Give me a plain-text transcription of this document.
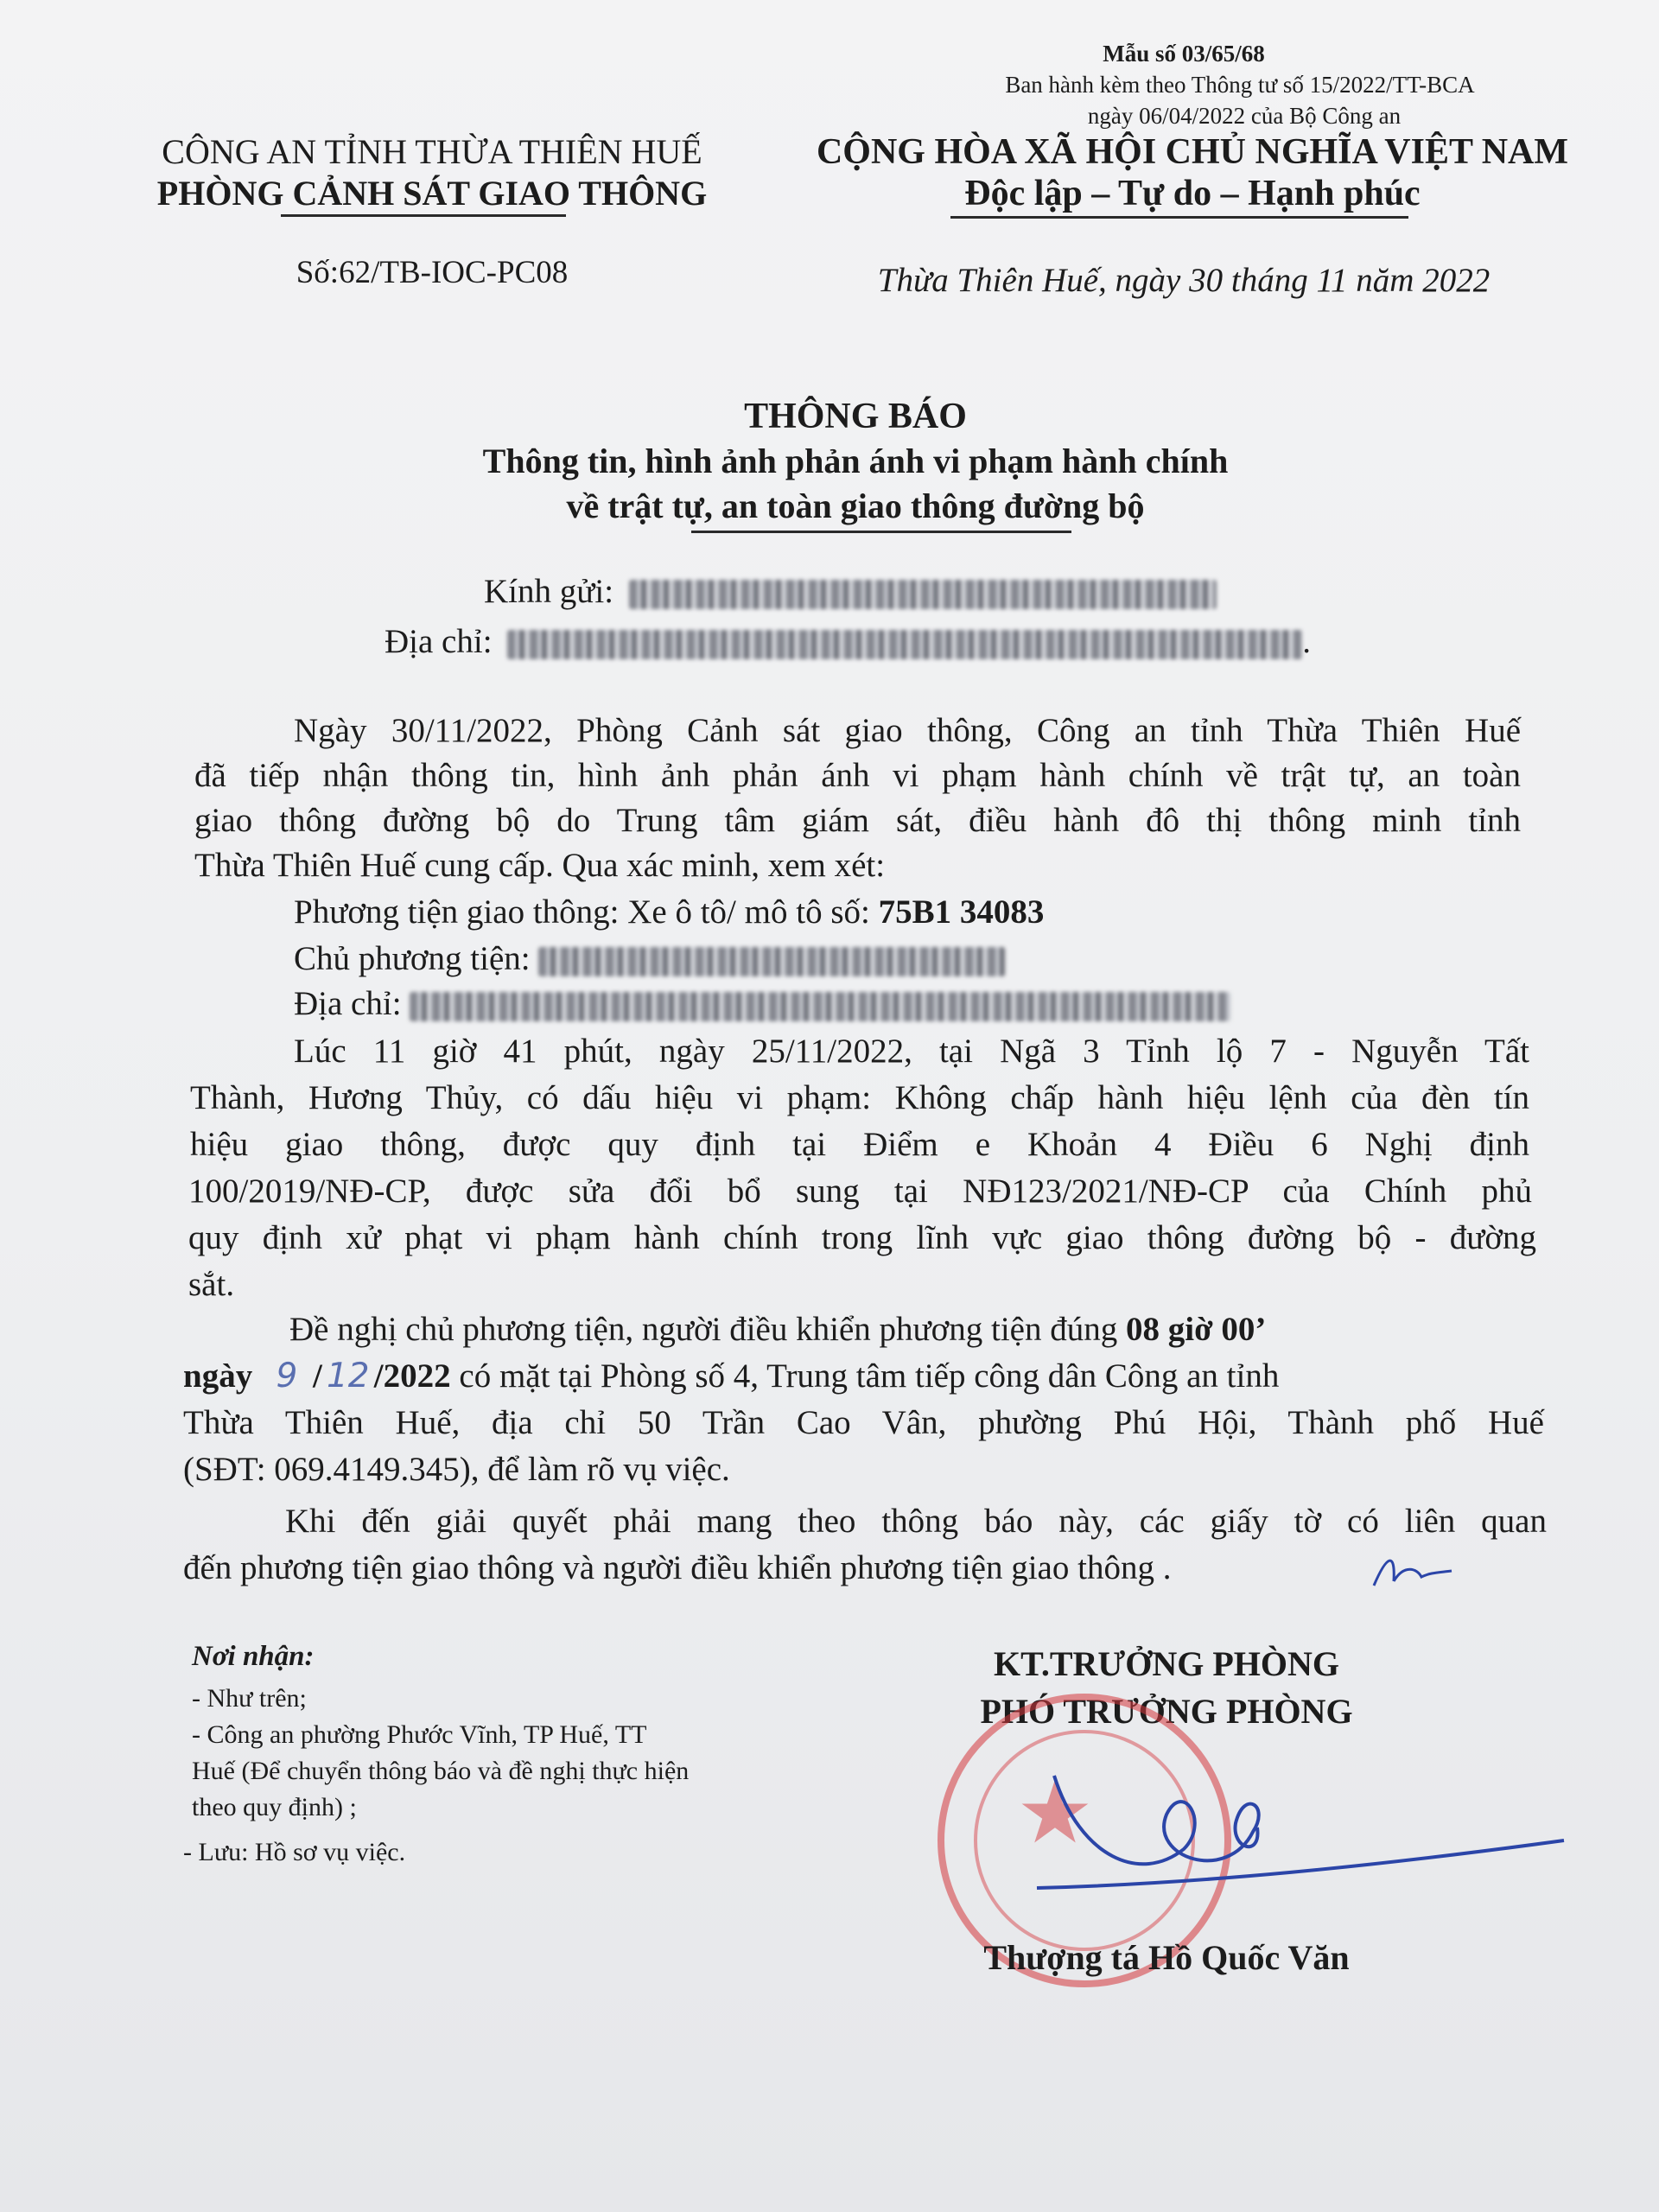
Mẫu số 03/65/68
Ban hành kèm theo Thông tư số 15/2022/TT-BCA
ngày 06/04/2022 của Bộ Công an
CÔNG AN TỈNH THỪA THIÊN HUẾ
PHÒNG CẢNH SÁT GIAO THÔNG
Số:62/TB-IOC-PC08
CỘNG HÒA XÃ HỘI CHỦ NGHĨA VIỆT NAM
Độc lập – Tự do – Hạnh phúc
Thừa Thiên Huế, ngày 30 tháng 11 năm 2022
THÔNG BÁO
Thông tin, hình ảnh phản ánh vi phạm hành chính
về trật tự, an toàn giao thông đường bộ
Kính gửi:
Địa chỉ:	.
Ngày 30/11/2022, Phòng Cảnh sát giao thông, Công an tỉnh Thừa Thiên Huế
đã tiếp nhận thông tin, hình ảnh phản ánh vi phạm hành chính về trật tự, an toàn
giao thông đường bộ do Trung tâm giám sát, điều hành đô thị thông minh tỉnh
Thừa Thiên Huế cung cấp. Qua xác minh, xem xét:
Phương tiện giao thông: Xe ô tô/ mô tô số: 75B1 34083
Chủ phương tiện:
Địa chỉ:
Lúc 11 giờ 41 phút, ngày 25/11/2022, tại Ngã 3 Tỉnh lộ 7 - Nguyễn Tất
Thành, Hương Thủy, có dấu hiệu vi phạm: Không chấp hành hiệu lệnh của đèn tín
hiệu giao thông, được quy định tại Điểm e Khoản 4 Điều 6 Nghị định
100/2019/NĐ-CP, được sửa đổi bổ sung tại NĐ123/2021/NĐ-CP của Chính phủ
quy định xử phạt vi phạm hành chính trong lĩnh vực giao thông đường bộ - đường
sắt.
Đề nghị chủ phương tiện, người điều khiển phương tiện đúng 08 giờ 00’
ngày 9 / 12 /2022 có mặt tại Phòng số 4, Trung tâm tiếp công dân Công an tỉnh
Thừa Thiên Huế, địa chỉ 50 Trần Cao Vân, phường Phú Hội, Thành phố Huế
(SĐT: 069.4149.345), để làm rõ vụ việc.
Khi đến giải quyết phải mang theo thông báo này, các giấy tờ có liên quan
đến phương tiện giao thông và người điều khiển phương tiện giao thông .
Nơi nhận:
- Như trên;
- Công an phường Phước Vĩnh, TP Huế, TT
Huế (Để chuyển thông báo và đề nghị thực hiện
theo quy định) ;
- Lưu: Hồ sơ vụ việc.
KT.TRƯỞNG PHÒNG
PHÓ TRƯỞNG PHÒNG
★
Thượng tá Hồ Quốc Văn
